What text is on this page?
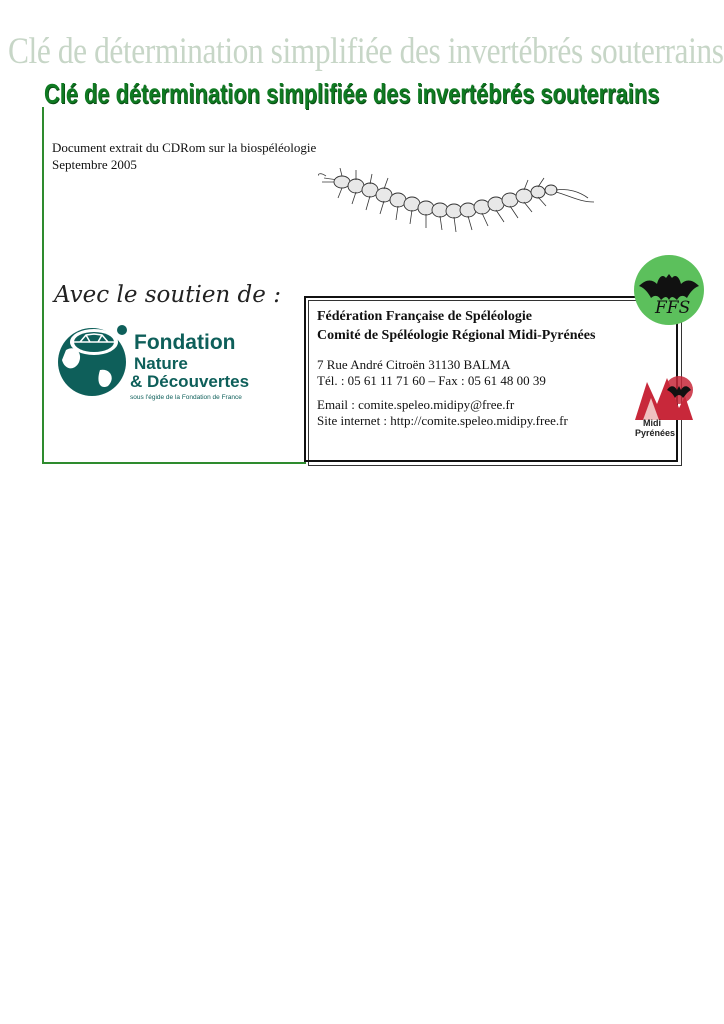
Clé de détermination simplifiée des invertébrés souterrains
Clé de détermination simplifiée des invertébrés souterrains
Document extrait du CDRom sur la biospéléologie
Septembre 2005
Avec le soutien de :
Fondation
Nature
& Découvertes
sous l'égide de la Fondation de France
Fédération Française de Spéléologie
Comité de Spéléologie Régional Midi-Pyrénées
7 Rue André Citroën 31130 BALMA
Tél. : 05 61 11 71 60 – Fax : 05 61 48 00 39
Email : comite.speleo.midipy@free.fr
Site internet : http://comite.speleo.midipy.free.fr
FFS
Midi
Pyrénées
